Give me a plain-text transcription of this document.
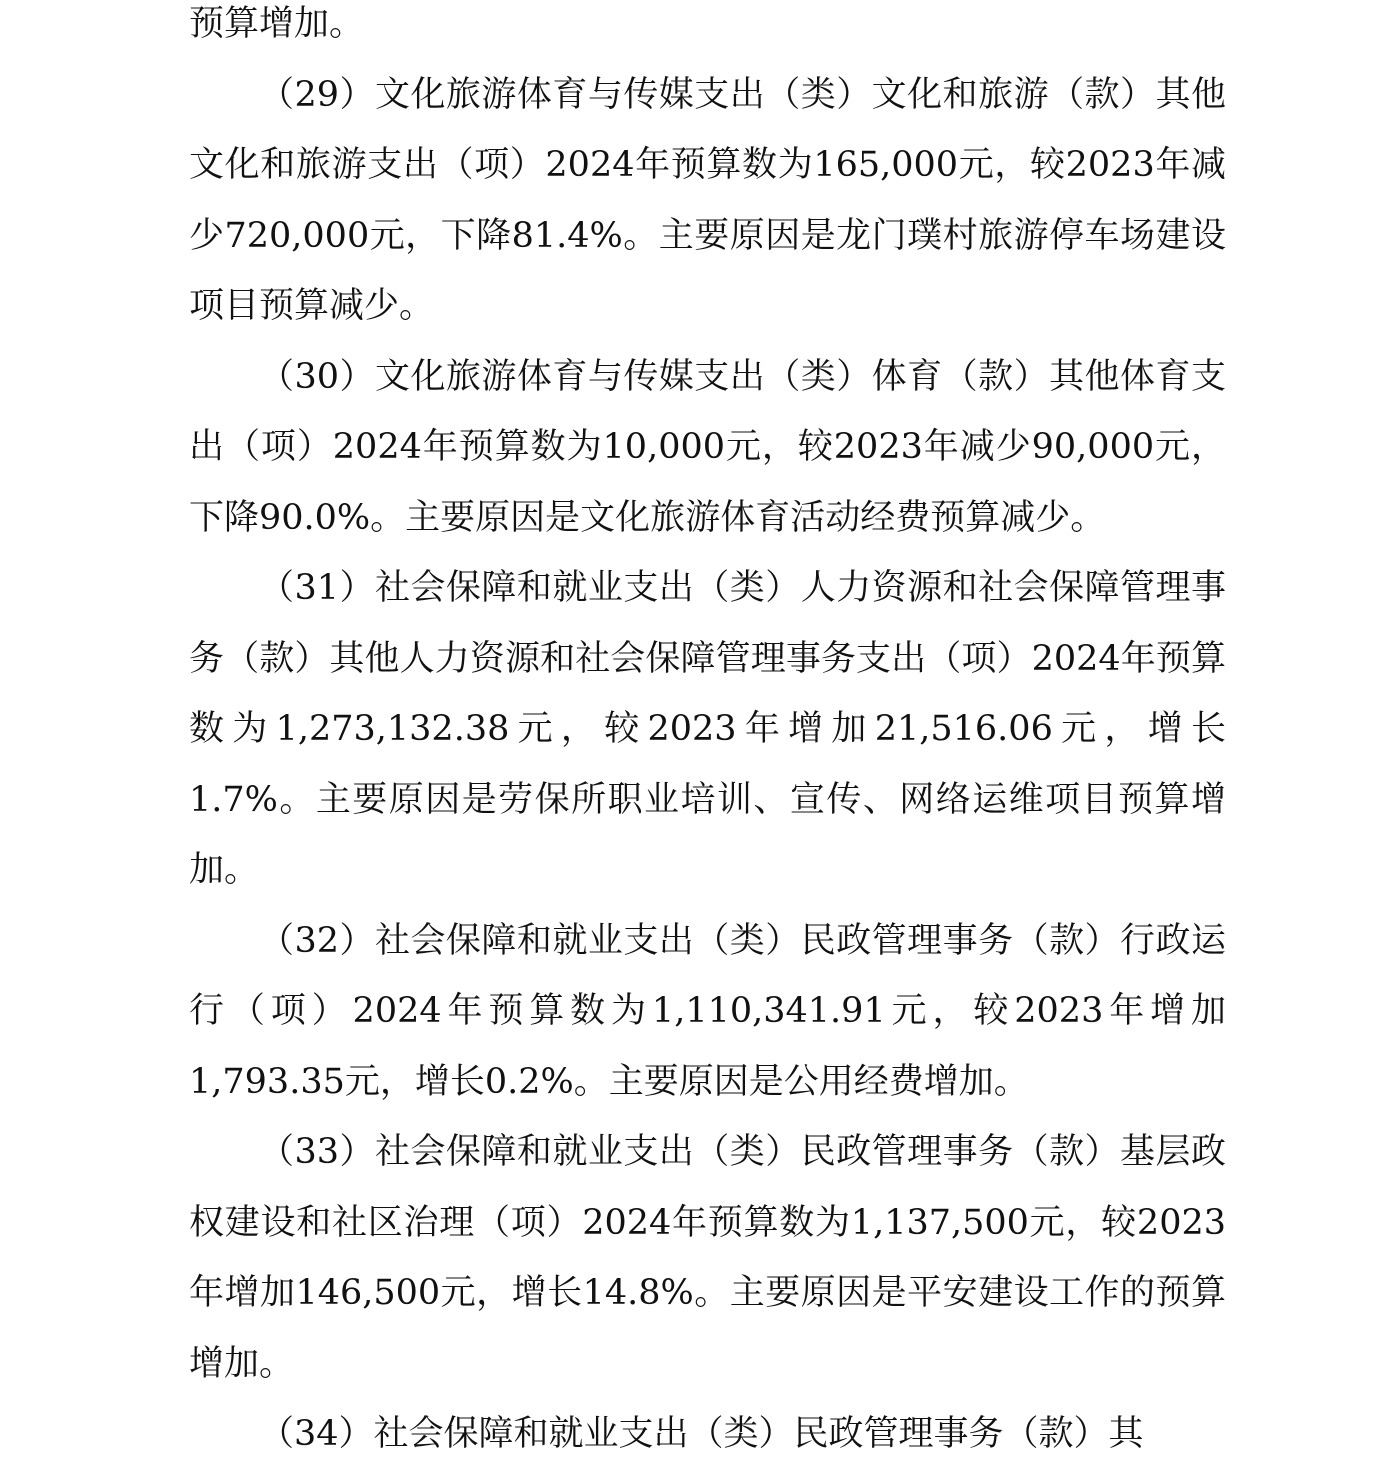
预算增加。

（29）文化旅游体育与传媒支出（类）文化和旅游（款）其他文化和旅游支出（项）2024年预算数为165,000元，较2023年减少720,000元，下降81.4%。主要原因是龙门璞村旅游停车场建设项目预算减少。

（30）文化旅游体育与传媒支出（类）体育（款）其他体育支出（项）2024年预算数为10,000元，较2023年减少90,000元，下降90.0%。主要原因是文化旅游体育活动经费预算减少。

（31）社会保障和就业支出（类）人力资源和社会保障管理事务（款）其他人力资源和社会保障管理事务支出（项）2024年预算数为1,273,132.38元，较2023年增加21,516.06元，增长1.7%。主要原因是劳保所职业培训、宣传、网络运维项目预算增加。

（32）社会保障和就业支出（类）民政管理事务（款）行政运行（项）2024年预算数为1,110,341.91元，较2023年增加1,793.35元，增长0.2%。主要原因是公用经费增加。

（33）社会保障和就业支出（类）民政管理事务（款）基层政权建设和社区治理（项）2024年预算数为1,137,500元，较2023年增加146,500元，增长14.8%。主要原因是平安建设工作的预算增加。

（34）社会保障和就业支出（类）民政管理事务（款）其
